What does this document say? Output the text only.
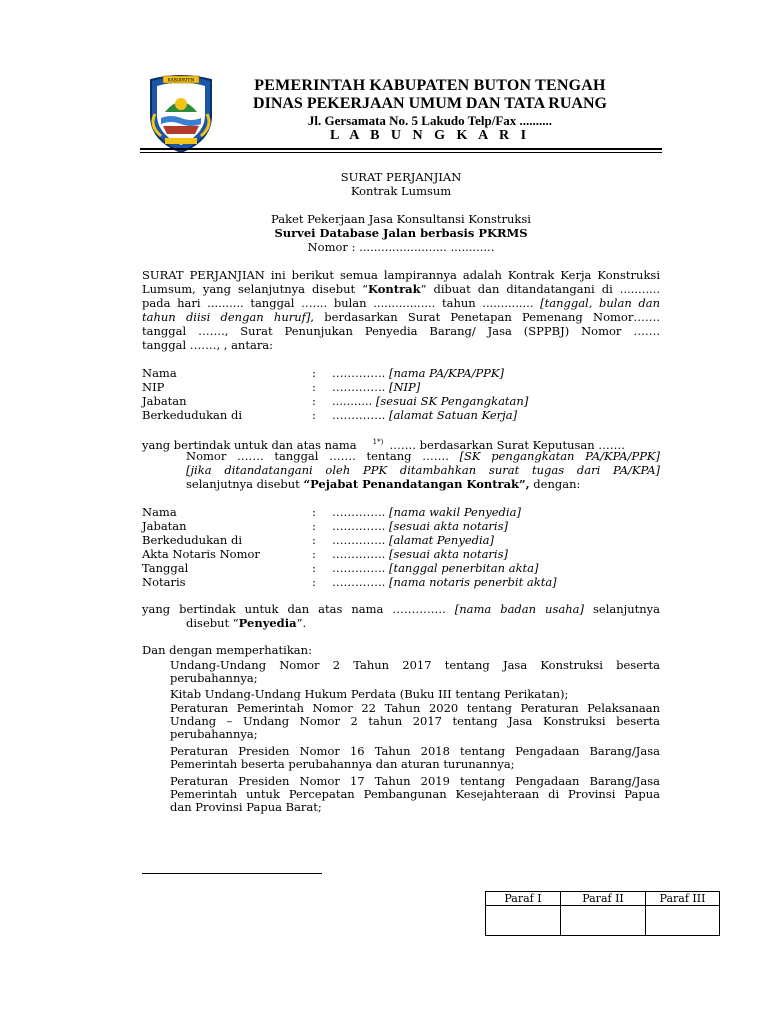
KABUPATEN	PEMERINTAH KABUPATEN BUTON TENGAH
DINAS PEKERJAAN UMUM DAN TATA RUANG
Jl. Gersamata No. 5 Lakudo Telp/Fax ..........
L A B U N G K A R I
SURAT PERJANJIAN
Kontrak Lumsum
Paket Pekerjaan Jasa Konsultansi Konstruksi
Survei Database Jalan berbasis PKRMS
Nomor : ........................ ............
SURAT PERJANJIAN ini berikut semua lampirannya adalah Kontrak Kerja Konstruksi
Lumsum, yang selanjutnya disebut “Kontrak” dibuat dan ditandatangani di ...........
pada hari .......... tanggal ….... bulan ................. tahun .............. [tanggal, bulan dan
tahun diisi dengan huruf], berdasarkan Surat Penetapan Pemenang Nomor…….
tanggal ……., Surat Penunjukan Penyedia Barang/ Jasa (SPPBJ) Nomor …….
tanggal ……., , antara:
Nama	: ………….. [nama PA/KPA/PPK]
NIP	: ………….. [NIP]
Jabatan	: ........... [sesuai SK Pengangkatan]
Berkedudukan di	: ………….. [alamat Satuan Kerja]
yang bertindak untuk dan atas nama $^{1*)}$ ……. berdasarkan Surat Keputusan …….
Nomor ……. tanggal ……. tentang ……. [SK pengangkatan PA/KPA/PPK]
[jika ditandatangani oleh PPK ditambahkan surat tugas dari PA/KPA]
selanjutnya disebut “Pejabat Penandatangan Kontrak”, dengan:
Nama	: ………….. [nama wakil Penyedia]
Jabatan	: ………….. [sesuai akta notaris]
Berkedudukan di	: ………….. [alamat Penyedia]
Akta Notaris Nomor	: ………….. [sesuai akta notaris]
Tanggal	: ………….. [tanggal penerbitan akta]
Notaris	: ………….. [nama notaris penerbit akta]
yang bertindak untuk dan atas nama ………….. [nama badan usaha] selanjutnya
disebut “Penyedia”.
Dan dengan memperhatikan:
Undang-Undang Nomor 2 Tahun 2017 tentang Jasa Konstruksi beserta
perubahannya;
Kitab Undang-Undang Hukum Perdata (Buku III tentang Perikatan);
Peraturan Pemerintah Nomor 22 Tahun 2020 tentang Peraturan Pelaksanaan
Undang – Undang Nomor 2 tahun 2017 tentang Jasa Konstruksi beserta
perubahannya;
Peraturan Presiden Nomor 16 Tahun 2018 tentang Pengadaan Barang/Jasa
Pemerintah beserta perubahannya dan aturan turunannya;
Peraturan Presiden Nomor 17 Tahun 2019 tentang Pengadaan Barang/Jasa
Pemerintah untuk Percepatan Pembangunan Kesejahteraan di Provinsi Papua
dan Provinsi Papua Barat;
Paraf I	Paraf II	Paraf III
